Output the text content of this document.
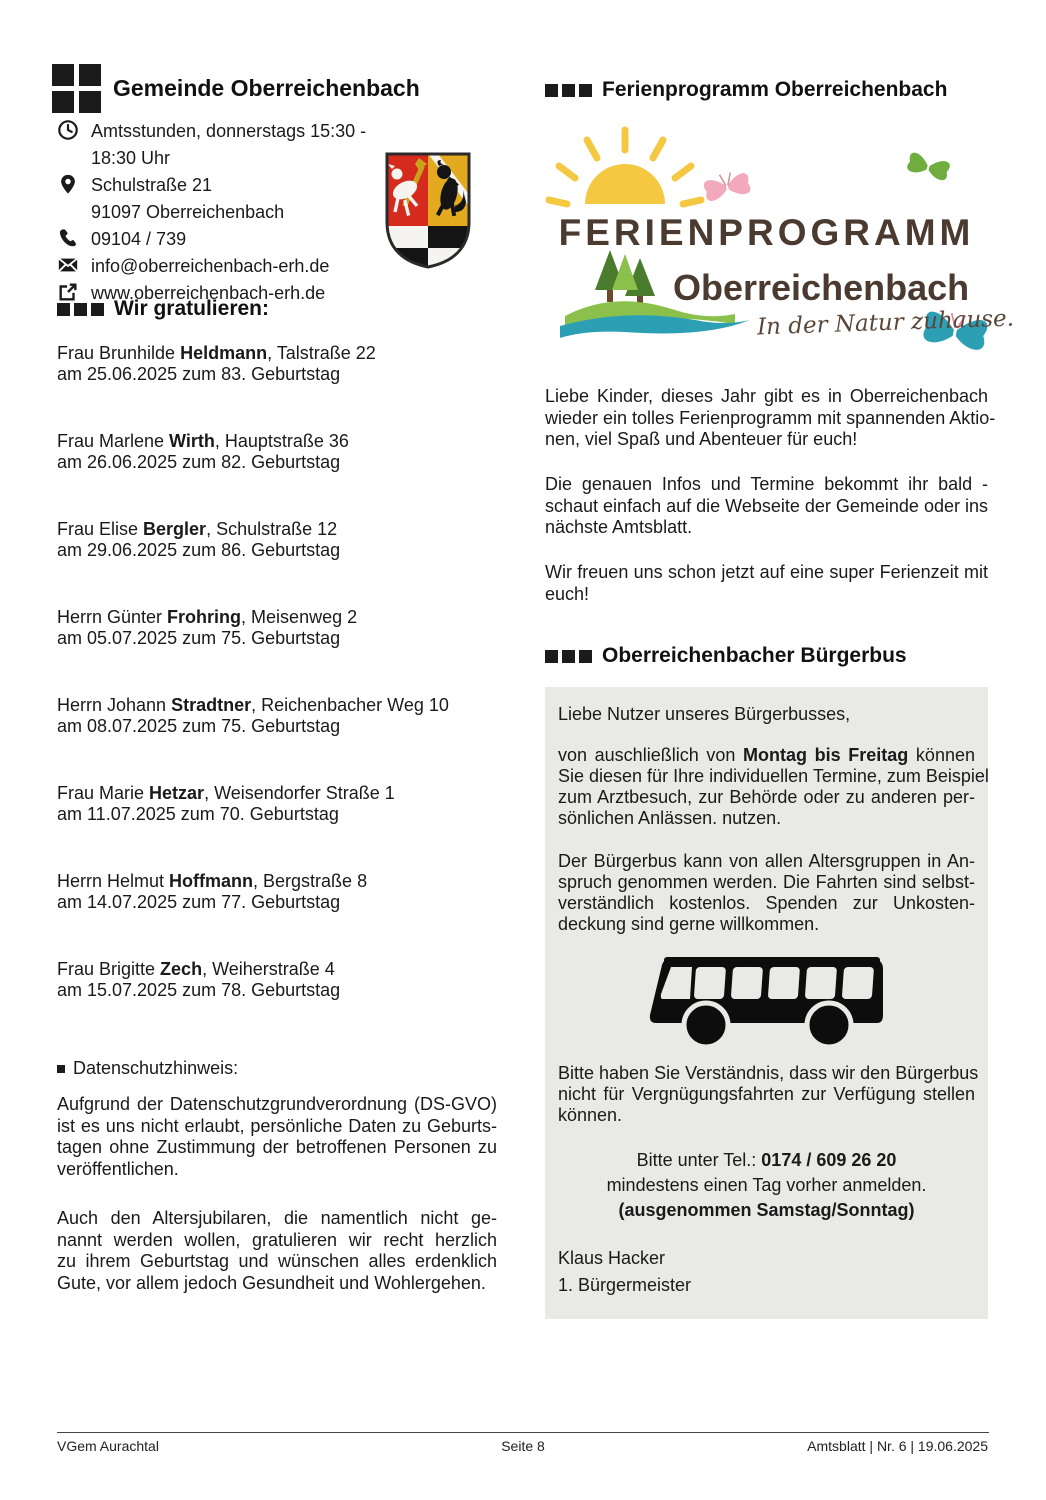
Gemeinde Oberreichenbach
Amtsstunden, donnerstags 15:30 - 18:30 Uhr
Schulstraße 21
91097 Oberreichenbach
09104 / 739
info@oberreichenbach-erh.de
www.oberreichenbach-erh.de
Wir gratulieren:
Frau Brunhilde Heldmann, Talstraße 22
am 25.06.2025 zum 83. Geburtstag
Frau Marlene Wirth, Hauptstraße 36
am 26.06.2025 zum 82. Geburtstag
Frau Elise Bergler, Schulstraße 12
am 29.06.2025 zum 86. Geburtstag
Herrn Günter Frohring, Meisenweg 2
am 05.07.2025 zum 75. Geburtstag
Herrn Johann Stradtner, Reichenbacher Weg 10
am 08.07.2025 zum 75. Geburtstag
Frau Marie Hetzar, Weisendorfer Straße 1
am 11.07.2025 zum 70. Geburtstag
Herrn Helmut Hoffmann, Bergstraße 8
am 14.07.2025 zum 77. Geburtstag
Frau Brigitte Zech, Weiherstraße 4
am 15.07.2025 zum 78. Geburtstag
Datenschutzhinweis:
Aufgrund der Datenschutzgrundverordnung (DS-GVO)
ist es uns nicht erlaubt, persönliche Daten zu Geburts-
tagen ohne Zustimmung der betroffenen Personen zu
veröffentlichen.
Auch den Altersjubilaren, die namentlich nicht ge-
nannt werden wollen, gratulieren wir recht herzlich
zu ihrem Geburtstag und wünschen alles erdenklich
Gute, vor allem jedoch Gesundheit und Wohlergehen.
Ferienprogramm Oberreichenbach
FERIENPROGRAMM
Oberreichenbach
In der Natur zuhause.
Liebe Kinder, dieses Jahr gibt es in Oberreichenbach
wieder ein tolles Ferienprogramm mit spannenden Aktio-
nen, viel Spaß und Abenteuer für euch!
Die genauen Infos und Termine bekommt ihr bald -
schaut einfach auf die Webseite der Gemeinde oder ins
nächste Amtsblatt.
Wir freuen uns schon jetzt auf eine super Ferienzeit mit
euch!
Oberreichenbacher Bürgerbus
Liebe Nutzer unseres Bürgerbusses,
von auschließlich von Montag bis Freitag können
Sie diesen für Ihre individuellen Termine, zum Beispiel
zum Arztbesuch, zur Behörde oder zu anderen per-
sönlichen Anlässen. nutzen.
Der Bürgerbus kann von allen Altersgruppen in An-
spruch genommen werden. Die Fahrten sind selbst-
verständlich kostenlos. Spenden zur Unkosten-
deckung sind gerne willkommen.
Bitte haben Sie Verständnis, dass wir den Bürgerbus
nicht für Vergnügungsfahrten zur Verfügung stellen
können.
Bitte unter Tel.: 0174 / 609 26 20
mindestens einen Tag vorher anmelden.
(ausgenommen Samstag/Sonntag)
Klaus Hacker
1. Bürgermeister
VGem Aurachtal	Seite 8	Amtsblatt | Nr. 6 | 19.06.2025
